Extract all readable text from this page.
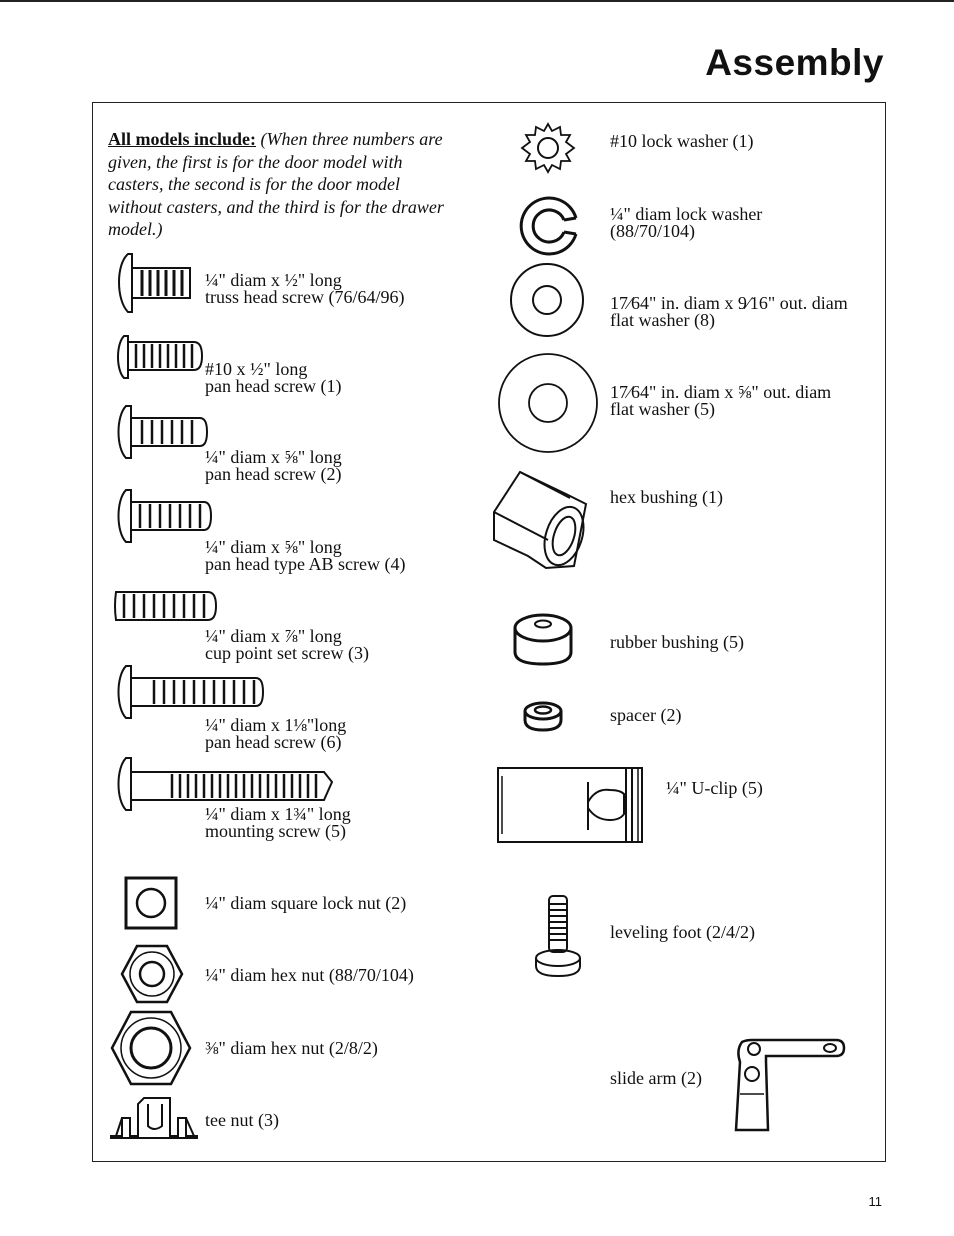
Assembly
All models include: (When three numbers are given, the first is for the door model with casters, the second is for the door model without casters, and the third is for the drawer model.)
¼" diam x ½" long
truss head screw (76/64/96)
#10 x ½" long
pan head screw (1)
¼" diam x ⅝" long
pan head screw (2)
¼" diam x ⅝" long
pan head type AB screw (4)
¼" diam x ⅞" long
cup point set screw (3)
¼" diam x 1⅛"long
pan head screw (6)
¼" diam x 1¾" long
mounting screw (5)
¼" diam square lock nut (2)
¼" diam hex nut (88/70/104)
⅜" diam hex nut (2/8/2)
tee nut (3)
#10 lock washer (1)
¼" diam lock washer
(88/70/104)
17⁄64" in. diam x 9⁄16" out. diam
flat washer (8)
17⁄64" in. diam x ⅝" out. diam
flat washer (5)
hex bushing (1)
rubber bushing (5)
spacer (2)
¼" U-clip (5)
leveling foot (2/4/2)
slide arm (2)
11
